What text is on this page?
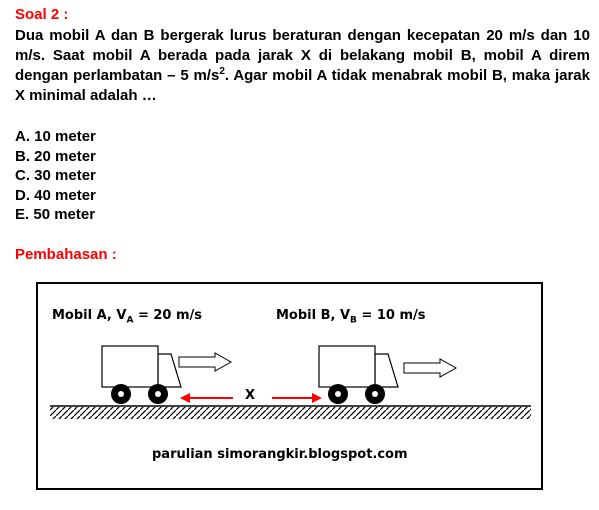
Soal 2 :

Dua mobil A dan B bergerak lurus beraturan dengan kecepatan 20 m/s dan 10 m/s. Saat mobil A berada pada jarak X di belakang mobil B, mobil A direm dengan perlambatan – 5 $m/s^2$. Agar mobil A tidak menabrak mobil B, maka jarak X minimal adalah …

A. 10 meter
B. 20 meter
C. 30 meter
D. 40 meter
E. 50 meter
Pembahasan :
Mobil A, $V_A = 20$ m/s	Mobil B, $V_B = 10$ m/s
X
parulian simorangkir.blogspot.com
